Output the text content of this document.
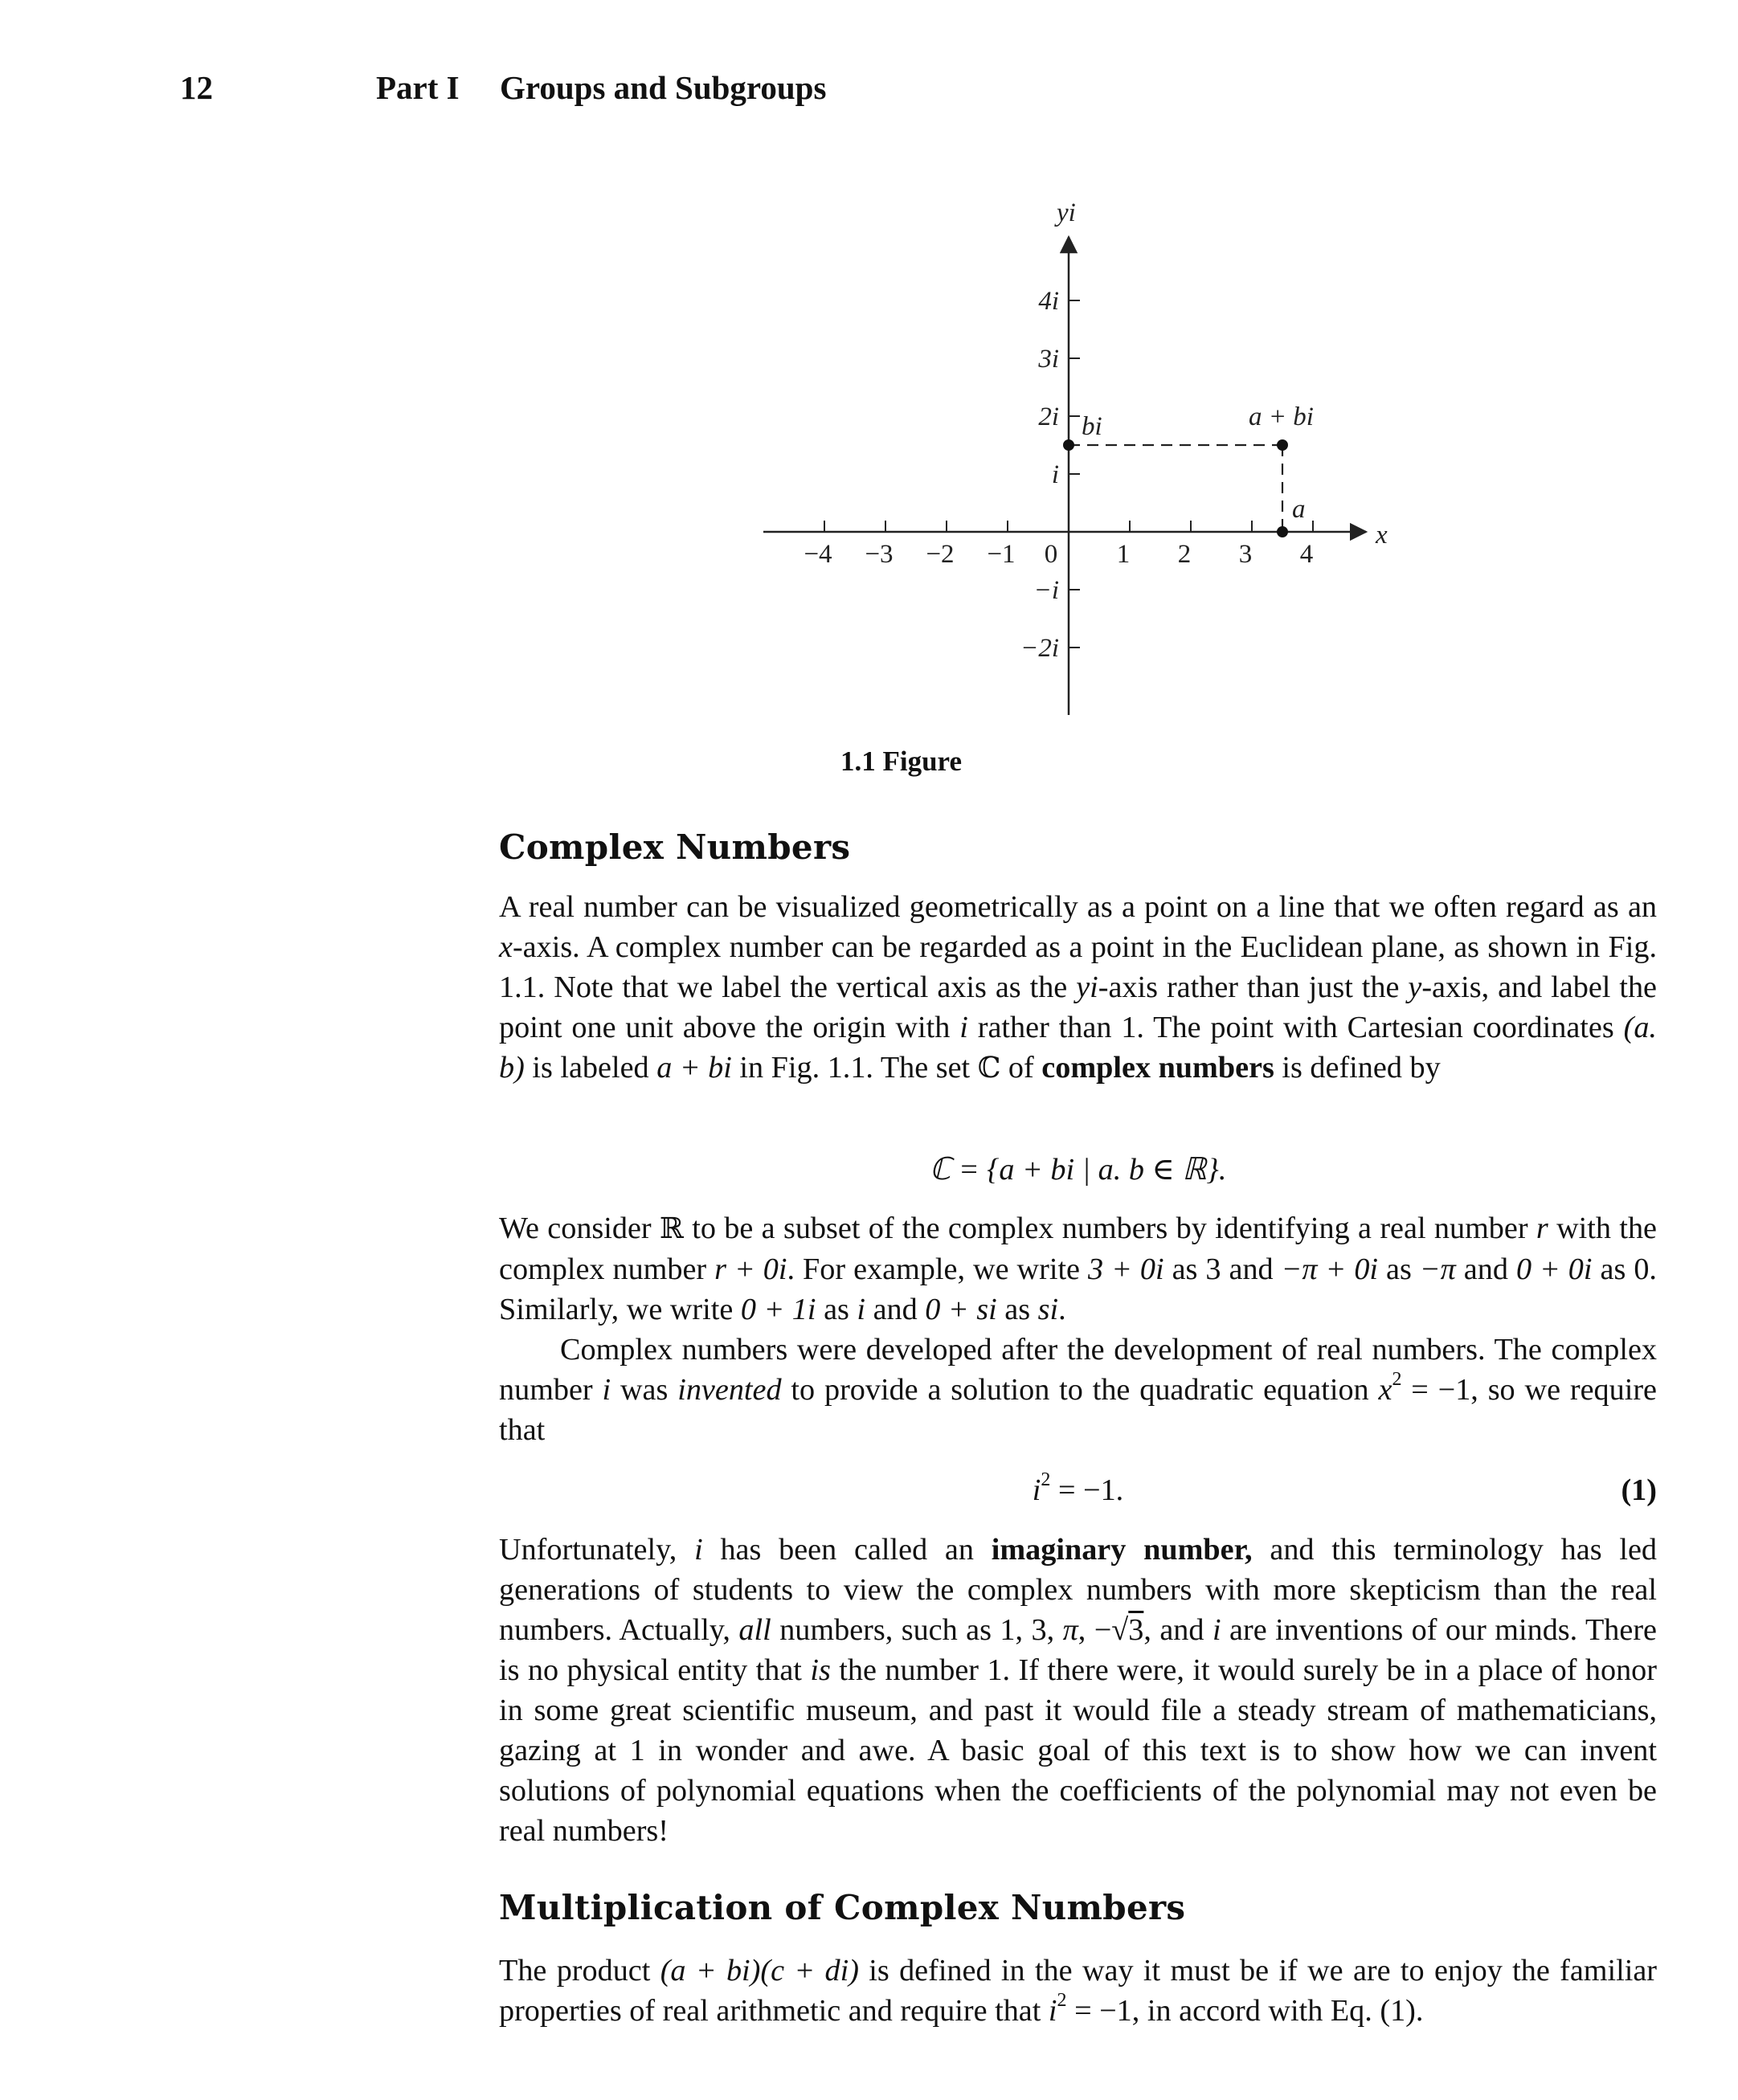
12	Part I Groups and Subgroups
−4 −3 −2 −1 0 1 2 3 4
4i
3i
2i
i
−i
−2i
a + bi
bi
a
x
yi
1.1 Figure
Complex Numbers

A real number can be visualized geometrically as a point on a line that we often regard as an x-axis. A complex number can be regarded as a point in the Euclidean plane, as shown in Fig. 1.1. Note that we label the vertical axis as the yi-axis rather than just the y-axis, and label the point one unit above the origin with i rather than 1. The point with Cartesian coordinates (a. b) is labeled a + bi in Fig. 1.1. The set ℂ of complex numbers is defined by

ℂ = {a + bi | a. b ∈ ℝ}.

We consider ℝ to be a subset of the complex numbers by identifying a real number r with the complex number r + 0i. For example, we write 3 + 0i as 3 and −π + 0i as −π and 0 + 0i as 0. Similarly, we write 0 + 1i as i and 0 + si as si.

Complex numbers were developed after the development of real numbers. The complex number i was invented to provide a solution to the quadratic equation $x^2 = -1$, so we require that

$i^2 = -1$.	(1)

Unfortunately, i has been called an imaginary number, and this terminology has led generations of students to view the complex numbers with more skepticism than the real numbers. Actually, all numbers, such as 1, 3, π, −√3, and i are inventions of our minds. There is no physical entity that is the number 1. If there were, it would surely be in a place of honor in some great scientific museum, and past it would file a steady stream of mathematicians, gazing at 1 in wonder and awe. A basic goal of this text is to show how we can invent solutions of polynomial equations when the coefficients of the polynomial may not even be real numbers!

Multiplication of Complex Numbers

The product (a + bi)(c + di) is defined in the way it must be if we are to enjoy the familiar properties of real arithmetic and require that $i^2 = -1$, in accord with Eq. (1).
